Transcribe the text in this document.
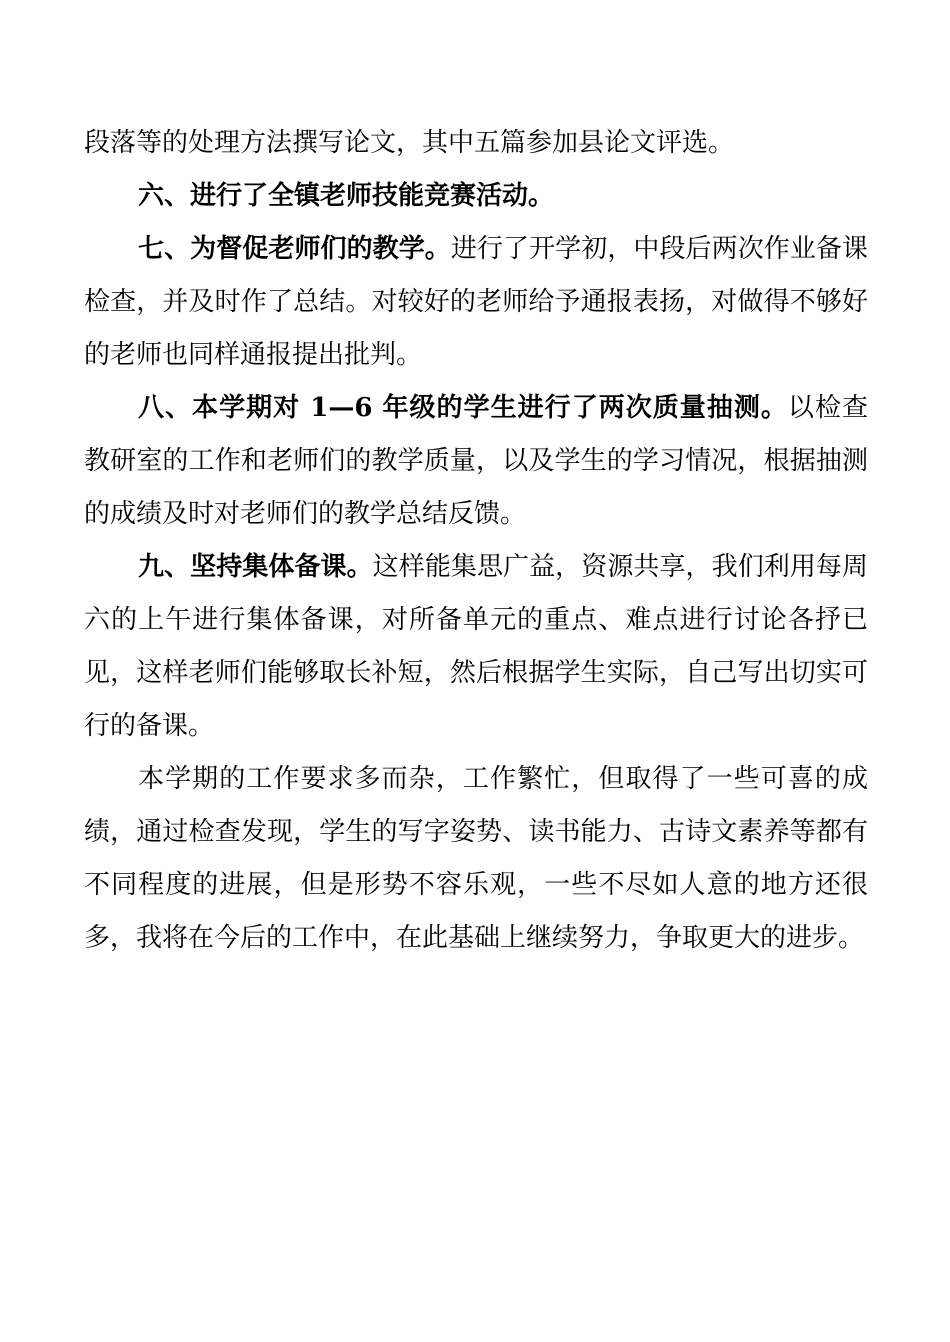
段落等的处理方法撰写论文，其中五篇参加县论文评选。

六、进行了全镇老师技能竞赛活动。

七、为督促老师们的教学。进行了开学初，中段后两次作业备课检查，并及时作了总结。对较好的老师给予通报表扬，对做得不够好的老师也同样通报提出批判。

八、本学期对 1—6 年级的学生进行了两次质量抽测。以检查教研室的工作和老师们的教学质量，以及学生的学习情况，根据抽测的成绩及时对老师们的教学总结反馈。

九、坚持集体备课。这样能集思广益，资源共享，我们利用每周六的上午进行集体备课，对所备单元的重点、难点进行讨论各抒已见，这样老师们能够取长补短，然后根据学生实际，自己写出切实可行的备课。

本学期的工作要求多而杂，工作繁忙，但取得了一些可喜的成绩，通过检查发现，学生的写字姿势、读书能力、古诗文素养等都有不同程度的进展，但是形势不容乐观，一些不尽如人意的地方还很多，我将在今后的工作中，在此基础上继续努力，争取更大的进步。
